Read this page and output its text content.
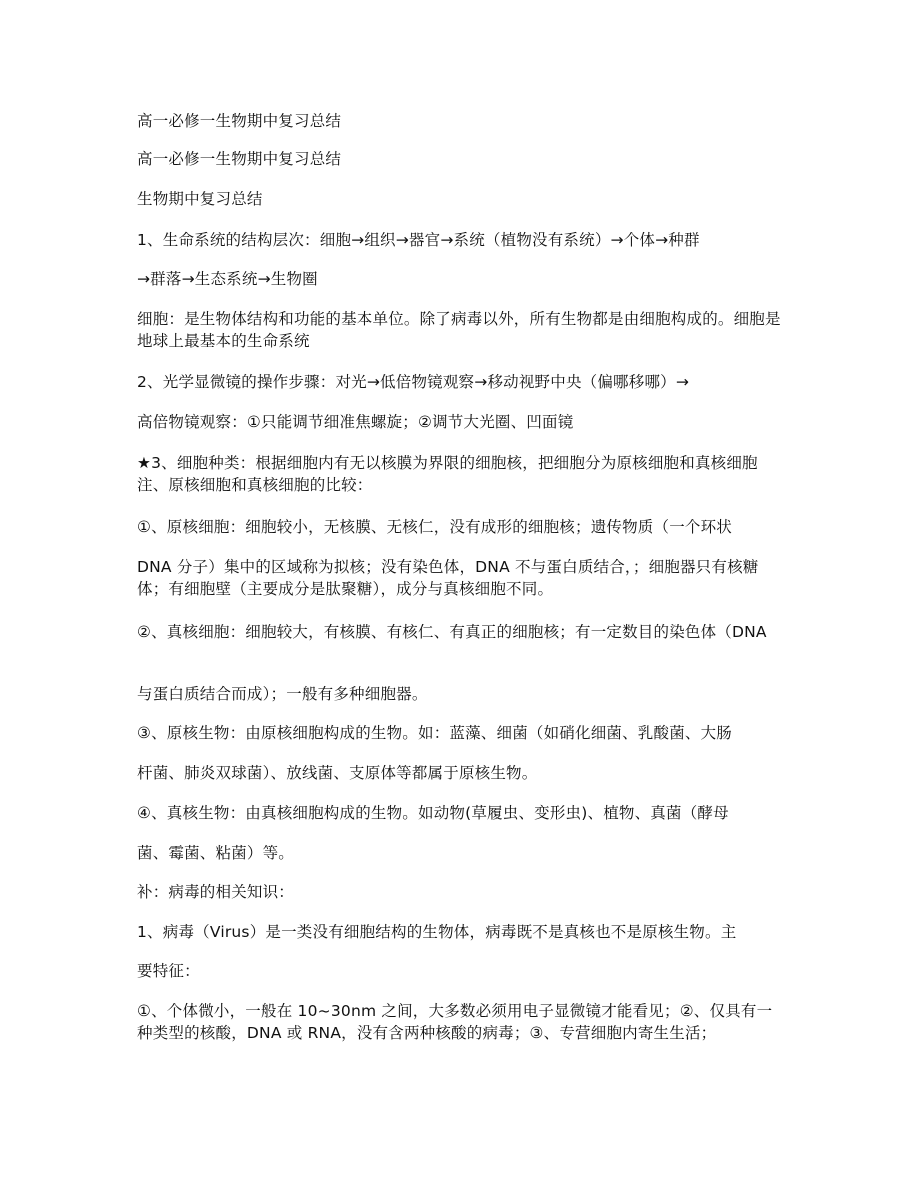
高一必修一生物期中复习总结
高一必修一生物期中复习总结
生物期中复习总结
1、生命系统的结构层次：细胞→组织→器官→系统（植物没有系统）→个体→种群
→群落→生态系统→生物圈
细胞：是生物体结构和功能的基本单位。除了病毒以外，所有生物都是由细胞构成的。细胞是地球上最基本的生命系统
2、光学显微镜的操作步骤：对光→低倍物镜观察→移动视野中央（偏哪移哪）→
高倍物镜观察：①只能调节细准焦螺旋；②调节大光圈、凹面镜
★3、细胞种类：根据细胞内有无以核膜为界限的细胞核，把细胞分为原核细胞和真核细胞注、原核细胞和真核细胞的比较：
①、原核细胞：细胞较小，无核膜、无核仁，没有成形的细胞核；遗传物质（一个环状
DNA 分子）集中的区域称为拟核；没有染色体，DNA 不与蛋白质结合，；细胞器只有核糖体；有细胞壁（主要成分是肽聚糖），成分与真核细胞不同。
②、真核细胞：细胞较大，有核膜、有核仁、有真正的细胞核；有一定数目的染色体（DNA
与蛋白质结合而成）；一般有多种细胞器。
③、原核生物：由原核细胞构成的生物。如：蓝藻、细菌（如硝化细菌、乳酸菌、大肠
杆菌、肺炎双球菌）、放线菌、支原体等都属于原核生物。
④、真核生物：由真核细胞构成的生物。如动物(草履虫、变形虫)、植物、真菌（酵母
菌、霉菌、粘菌）等。
补：病毒的相关知识：
1、病毒（Virus）是一类没有细胞结构的生物体，病毒既不是真核也不是原核生物。主
要特征：
①、个体微小，一般在 10~30nm 之间，大多数必须用电子显微镜才能看见；②、仅具有一种类型的核酸，DNA 或 RNA，没有含两种核酸的病毒；③、专营细胞内寄生生活；
